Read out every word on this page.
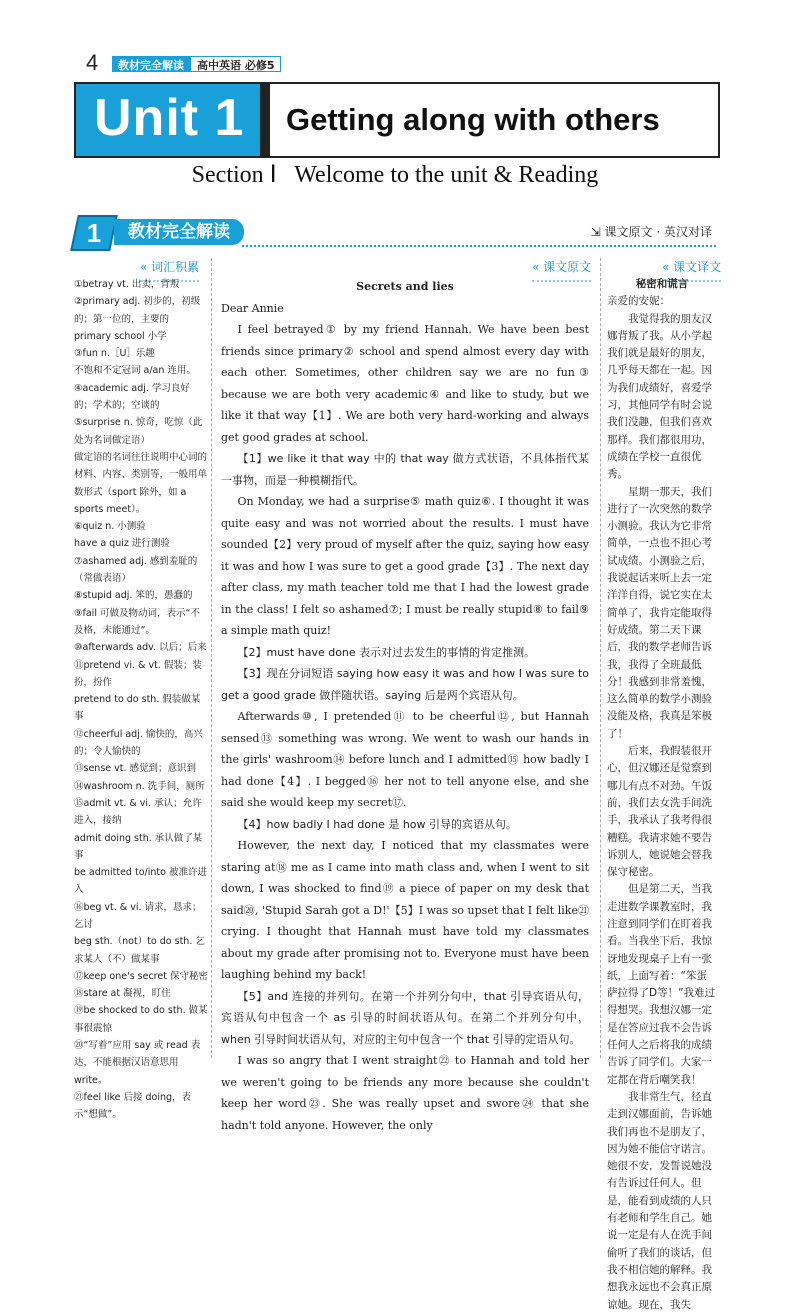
4	教材完全解读	高中英语 必修5
Unit 1 Getting along with others
Section Ⅰ   Welcome to the unit & Reading
1	教材完全解读	⇲ 课文原文 · 英汉对译
« 词汇积累	« 课文原文	« 课文译文
①betray vt. 出卖，背叛
②primary adj. 初步的，初级的；第一位的，主要的
primary school 小学
③fun n.［U］乐趣
不饱和不定冠词 a/an 连用。
④academic adj. 学习良好的；学术的；空谈的
⑤surprise n. 惊奇，吃惊（此处为名词做定语）
做定语的名词往往说明中心词的材料、内容、类别等，一般用单数形式（sport 除外，如 a sports meet）。
⑥quiz n. 小测验
have a quiz 进行测验
⑦ashamed adj. 感到羞耻的（常做表语）
⑧stupid adj. 笨的，愚蠢的
⑨fail 可做及物动词，表示“不及格，未能通过”。
⑩afterwards adv. 以后；后来
⑪pretend vi. & vt. 假装；装扮，扮作
pretend to do sth. 假装做某事
⑫cheerful adj. 愉快的，高兴的；令人愉快的
⑬sense vt. 感觉到；意识到
⑭washroom n. 洗手间，厕所
⑮admit vt. & vi. 承认；允许进入，接纳
admit doing sth. 承认做了某事
be admitted to/into 被准许进入
⑯beg vt. & vi. 请求，恳求；乞讨
beg sth.（not）to do sth. 乞求某人（不）做某事
⑰keep one's secret 保守秘密
⑱stare at 凝视，盯住
⑲be shocked to do sth. 做某事很震惊
⑳“写着”应用 say 或 read 表达，不能根据汉语意思用 write。
㉑feel like 后接 doing，表示“想做”。

Secrets and lies

Dear Annie

I feel betrayed① by my friend Hannah. We have been best friends since primary② school and spend almost every day with each other. Sometimes, other children say we are no fun③ because we are both very academic④ and like to study, but we like it that way【1】. We are both very hard-working and always get good grades at school.

【1】we like it that way 中的 that way 做方式状语，不具体指代某一事物，而是一种模糊指代。

On Monday, we had a surprise⑤ math quiz⑥. I thought it was quite easy and was not worried about the results. I must have sounded【2】very proud of myself after the quiz, saying how easy it was and how I was sure to get a good grade【3】. The next day after class, my math teacher told me that I had the lowest grade in the class! I felt so ashamed⑦; I must be really stupid⑧ to fail⑨ a simple math quiz!

【2】must have done 表示对过去发生的事情的肯定推测。

【3】现在分词短语 saying how easy it was and how I was sure to get a good grade 做伴随状语。saying 后是两个宾语从句。

Afterwards⑩, I pretended⑪ to be cheerful⑫, but Hannah sensed⑬ something was wrong. We went to wash our hands in the girls' washroom⑭ before lunch and I admitted⑮ how badly I had done【4】. I begged⑯ her not to tell anyone else, and she said she would keep my secret⑰.

【4】how badly I had done 是 how 引导的宾语从句。

However, the next day, I noticed that my classmates were staring at⑱ me as I came into math class and, when I went to sit down, I was shocked to find⑲ a piece of paper on my desk that said⑳, 'Stupid Sarah got a D!'【5】I was so upset that I felt like㉑ crying. I thought that Hannah must have told my classmates about my grade after promising not to. Everyone must have been laughing behind my back!

【5】and 连接的并列句。在第一个并列分句中，that 引导宾语从句，宾语从句中包含一个 as 引导的时间状语从句。在第二个并列分句中，when 引导时间状语从句，对应的主句中包含一个 that 引导的定语从句。

I was so angry that I went straight㉒ to Hannah and told her we weren't going to be friends any more because she couldn't keep her word㉓. She was really upset and swore㉔ that she hadn't told anyone. However, the only

秘密和谎言

亲爱的安妮：

我觉得我的朋友汉娜背叛了我。从小学起我们就是最好的朋友，几乎每天都在一起。因为我们成绩好，喜爱学习，其他同学有时会说我们没趣，但我们喜欢那样。我们都很用功，成绩在学校一直很优秀。

星期一那天，我们进行了一次突然的数学小测验。我认为它非常简单，一点也不担心考试成绩。小测验之后，我说起话来听上去一定洋洋自得，说它实在太简单了，我肯定能取得好成绩。第二天下课后，我的数学老师告诉我，我得了全班最低分！我感到非常羞愧，这么简单的数学小测验没能及格，我真是笨极了！

后来，我假装很开心，但汉娜还是觉察到哪儿有点不对劲。午饭前，我们去女洗手间洗手，我承认了我考得很糟糕。我请求她不要告诉别人，她说她会替我保守秘密。

但是第二天，当我走进数学课教室时，我注意到同学们在盯着我看。当我坐下后，我惊讶地发现桌子上有一张纸，上面写着：“笨蛋萨拉得了D等！”我难过得想哭。我想汉娜一定是在答应过我不会告诉任何人之后将我的成绩告诉了同学们。大家一定都在背后嘲笑我！

我非常生气，径直走到汉娜面前，告诉她我们再也不是朋友了，因为她不能信守诺言。她很不安，发誓说她没有告诉过任何人。但是，能看到成绩的人只有老师和学生自己。她说一定是有人在洗手间偷听了我们的谈话，但我不相信她的解释。我想我永远也不会真正原谅她。现在，我失
